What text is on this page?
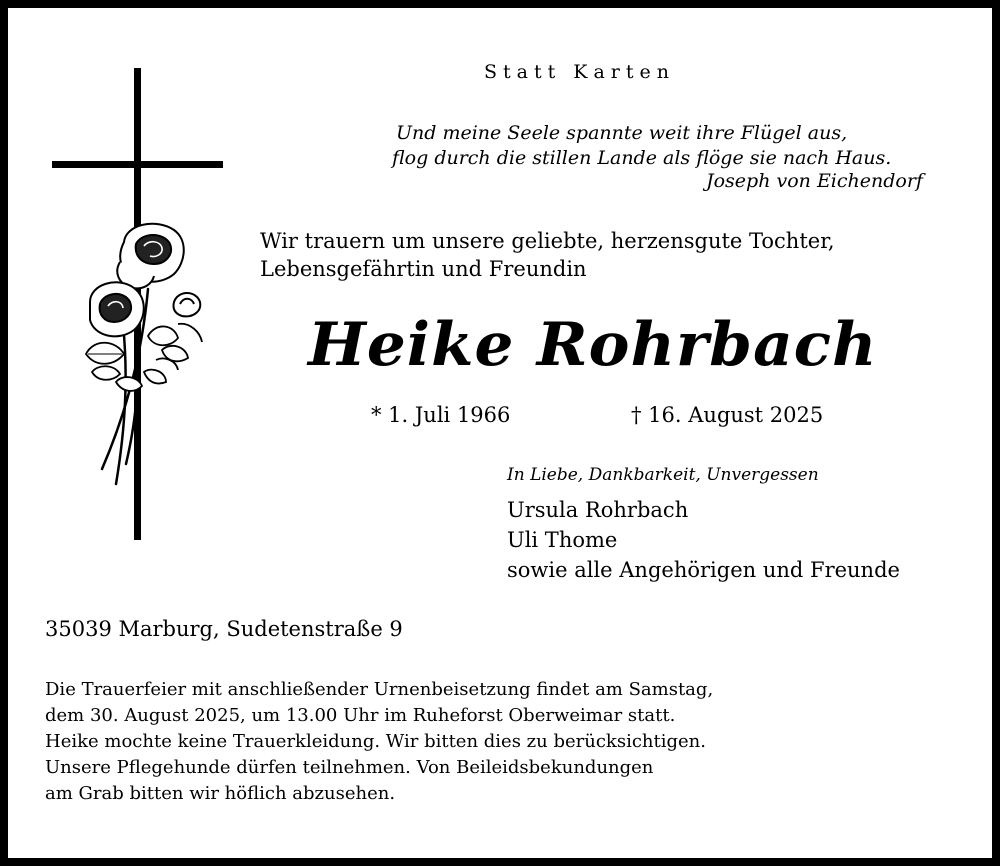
Statt Karten
Und meine Seele spannte weit ihre Flügel aus,
flog durch die stillen Lande als flöge sie nach Haus.
Joseph von Eichendorf
Wir trauern um unsere geliebte, herzensgute Tochter,
Lebensgefährtin und Freundin
Heike Rohrbach
* 1. Juli 1966	† 16. August 2025
In Liebe, Dankbarkeit, Unvergessen
Ursula Rohrbach
Uli Thome
sowie alle Angehörigen und Freunde
35039 Marburg, Sudetenstraße 9
Die Trauerfeier mit anschließender Urnenbeisetzung findet am Samstag,
dem 30. August 2025, um 13.00 Uhr im Ruheforst Oberweimar statt.
Heike mochte keine Trauerkleidung. Wir bitten dies zu berücksichtigen.
Unsere Pflegehunde dürfen teilnehmen. Von Beileidsbekundungen
am Grab bitten wir höflich abzusehen.
